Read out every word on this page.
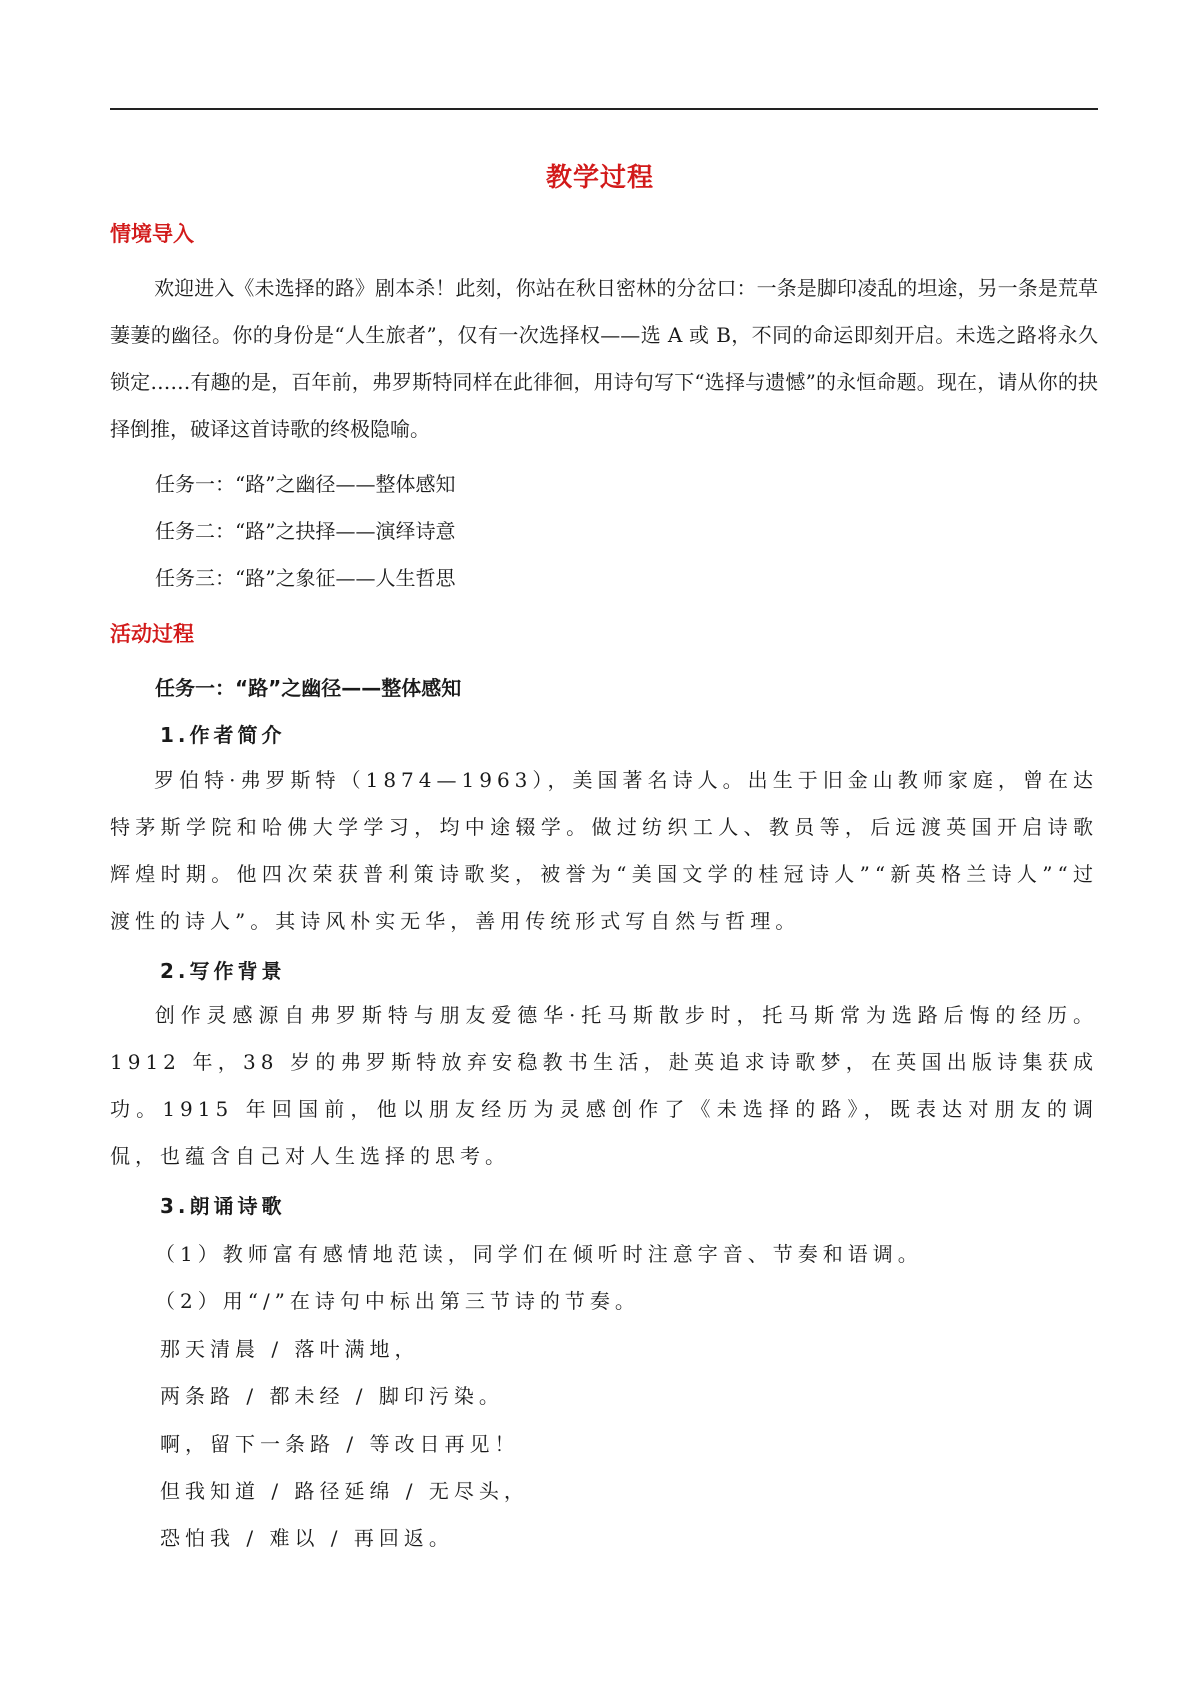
教学过程
情境导入
欢迎进入《未选择的路》剧本杀！此刻，你站在秋日密林的分岔口：一条是脚印凌乱的坦途，另一条是荒草萋萋的幽径。你的身份是“人生旅者”，仅有一次选择权——选 A 或 B，不同的命运即刻开启。未选之路将永久锁定……有趣的是，百年前，弗罗斯特同样在此徘徊，用诗句写下“选择与遗憾”的永恒命题。现在，请从你的抉择倒推，破译这首诗歌的终极隐喻。
任务一：“路”之幽径——整体感知
任务二：“路”之抉择——演绎诗意
任务三：“路”之象征——人生哲思
活动过程
任务一：“路”之幽径——整体感知
1.作者简介
罗伯特·弗罗斯特（1874—1963），美国著名诗人。出生于旧金山教师家庭，曾在达特茅斯学院和哈佛大学学习，均中途辍学。做过纺织工人、教员等，后远渡英国开启诗歌辉煌时期。他四次荣获普利策诗歌奖，被誉为“美国文学的桂冠诗人”“新英格兰诗人”“过渡性的诗人”。其诗风朴实无华，善用传统形式写自然与哲理。
2.写作背景
创作灵感源自弗罗斯特与朋友爱德华·托马斯散步时，托马斯常为选路后悔的经历。1912 年，38 岁的弗罗斯特放弃安稳教书生活，赴英追求诗歌梦，在英国出版诗集获成功。1915 年回国前，他以朋友经历为灵感创作了《未选择的路》，既表达对朋友的调侃，也蕴含自己对人生选择的思考。
3.朗诵诗歌
（1）教师富有感情地范读，同学们在倾听时注意字音、节奏和语调。
（2）用“/”在诗句中标出第三节诗的节奏。
那天清晨 / 落叶满地，
两条路 / 都未经 / 脚印污染。
啊，留下一条路 / 等改日再见！
但我知道 / 路径延绵 / 无尽头，
恐怕我 / 难以 / 再回返。
